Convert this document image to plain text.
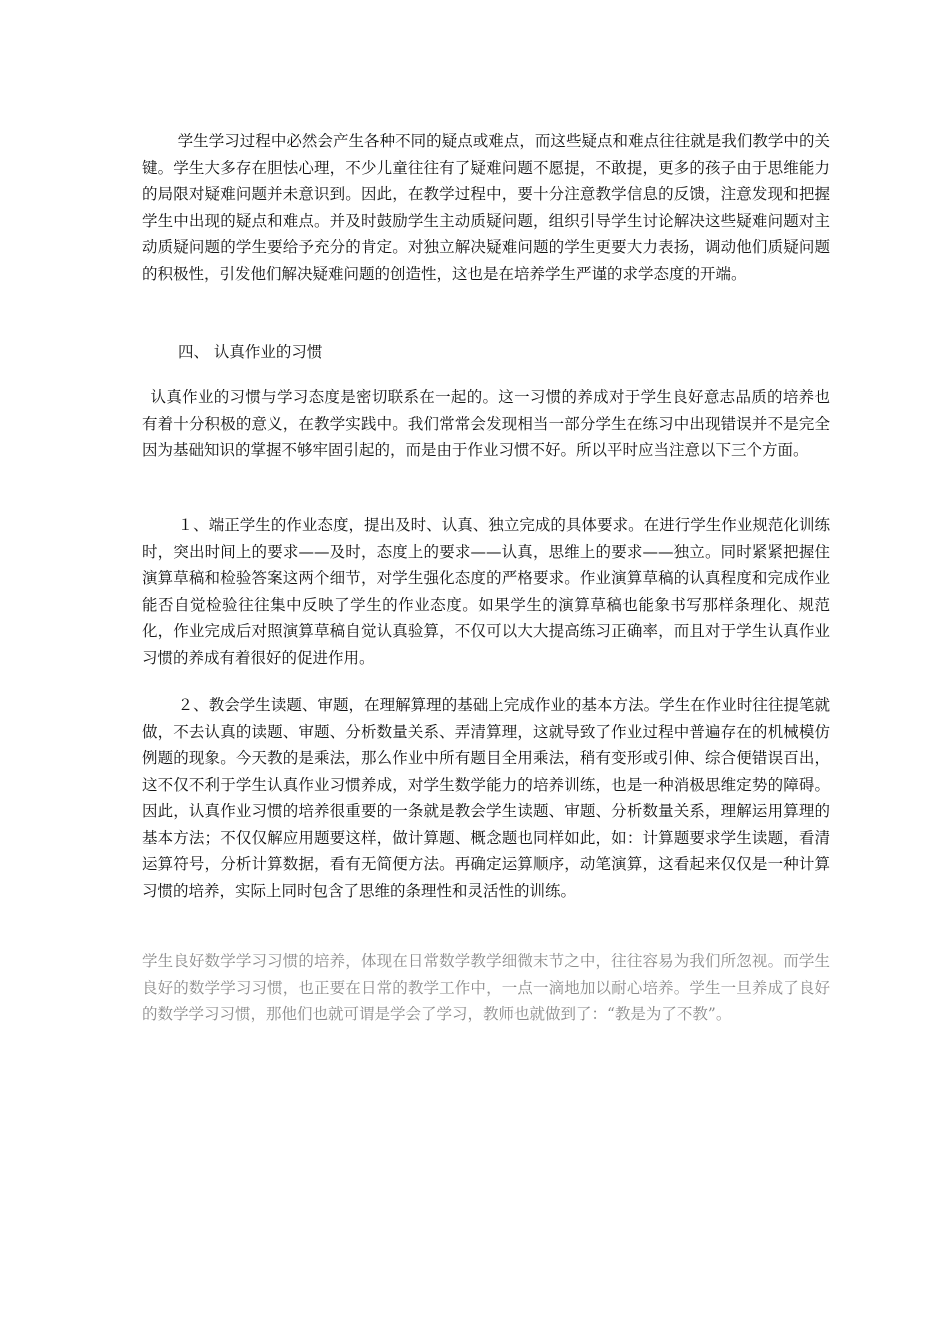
学生学习过程中必然会产生各种不同的疑点或难点，而这些疑点和难点往往就是我们教学中的关键。学生大多存在胆怯心理，不少儿童往往有了疑难问题不愿提，不敢提，更多的孩子由于思维能力的局限对疑难问题并未意识到。因此，在教学过程中，要十分注意教学信息的反馈，注意发现和把握学生中出现的疑点和难点。并及时鼓励学生主动质疑问题，组织引导学生讨论解决这些疑难问题对主动质疑问题的学生要给予充分的肯定。对独立解决疑难问题的学生更要大力表扬，调动他们质疑问题的积极性，引发他们解决疑难问题的创造性，这也是在培养学生严谨的求学态度的开端。

四、 认真作业的习惯

认真作业的习惯与学习态度是密切联系在一起的。这一习惯的养成对于学生良好意志品质的培养也有着十分积极的意义，在教学实践中。我们常常会发现相当一部分学生在练习中出现错误并不是完全因为基础知识的掌握不够牢固引起的，而是由于作业习惯不好。所以平时应当注意以下三个方面。

１、端正学生的作业态度，提出及时、认真、独立完成的具体要求。在进行学生作业规范化训练时，突出时间上的要求——及时，态度上的要求——认真，思维上的要求——独立。同时紧紧把握住演算草稿和检验答案这两个细节，对学生强化态度的严格要求。作业演算草稿的认真程度和完成作业能否自觉检验往往集中反映了学生的作业态度。如果学生的演算草稿也能象书写那样条理化、规范化，作业完成后对照演算草稿自觉认真验算，不仅可以大大提高练习正确率，而且对于学生认真作业习惯的养成有着很好的促进作用。

２、教会学生读题、审题，在理解算理的基础上完成作业的基本方法。学生在作业时往往提笔就做，不去认真的读题、审题、分析数量关系、弄清算理，这就导致了作业过程中普遍存在的机械模仿例题的现象。今天教的是乘法，那么作业中所有题目全用乘法，稍有变形或引伸、综合便错误百出，这不仅不利于学生认真作业习惯养成，对学生数学能力的培养训练，也是一种消极思维定势的障碍。因此，认真作业习惯的培养很重要的一条就是教会学生读题、审题、分析数量关系，理解运用算理的基本方法；不仅仅解应用题要这样，做计算题、概念题也同样如此，如：计算题要求学生读题，看清运算符号，分析计算数据，看有无简便方法。再确定运算顺序，动笔演算，这看起来仅仅是一种计算习惯的培养，实际上同时包含了思维的条理性和灵活性的训练。

学生良好数学学习习惯的培养，体现在日常数学教学细微末节之中，往往容易为我们所忽视。而学生良好的数学学习习惯，也正要在日常的教学工作中，一点一滴地加以耐心培养。学生一旦养成了良好的数学学习习惯，那他们也就可谓是学会了学习，教师也就做到了：“教是为了不教”。
